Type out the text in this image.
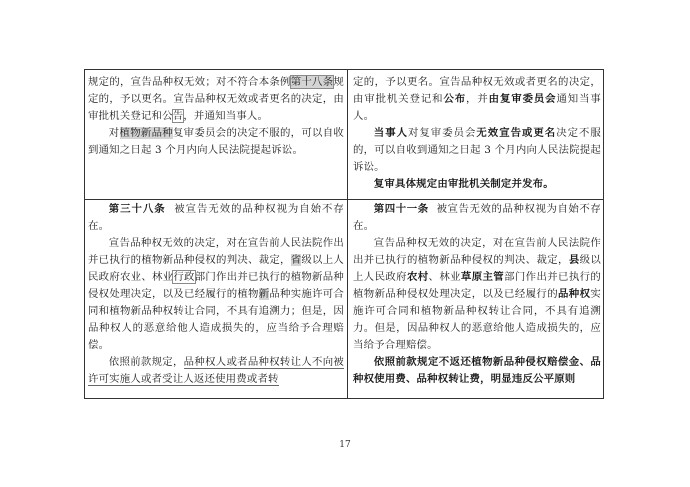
规定的，宣告品种权无效；对不符合本条例第十八条规定的，予以更名。宣告品种权无效或者更名的决定，由审批机关登记和公告，并通知当事人。

对植物新品种复审委员会的决定不服的，可以自收到通知之日起 3 个月内向人民法院提起诉讼。

定的，予以更名。宣告品种权无效或者更名的决定，由审批机关登记和公布，并由复审委员会通知当事人。

当事人对复审委员会无效宣告或更名决定不服的，可以自收到通知之日起 3 个月内向人民法院提起诉讼。

复审具体规定由审批机关制定并发布。

第三十八条 被宣告无效的品种权视为自始不存在。

宣告品种权无效的决定，对在宣告前人民法院作出并已执行的植物新品种侵权的判决、裁定，省级以上人民政府农业、林业行政部门作出并已执行的植物新品种侵权处理决定，以及已经履行的植物新品种实施许可合同和植物新品种权转让合同，不具有追溯力；但是，因品种权人的恶意给他人造成损失的，应当给予合理赔偿。

依照前款规定，品种权人或者品种权转让人不向被许可实施人或者受让人返还使用费或者转

第四十一条 被宣告无效的品种权视为自始不存在。

宣告品种权无效的决定，对在宣告前人民法院作出并已执行的植物新品种侵权的判决、裁定，县级以上人民政府农村、林业草原主管部门作出并已执行的植物新品种侵权处理决定，以及已经履行的品种权实施许可合同和植物新品种权转让合同，不具有追溯力。但是，因品种权人的恶意给他人造成损失的，应当给予合理赔偿。

依照前款规定不返还植物新品种侵权赔偿金、品种权使用费、品种权转让费，明显违反公平原则

17
